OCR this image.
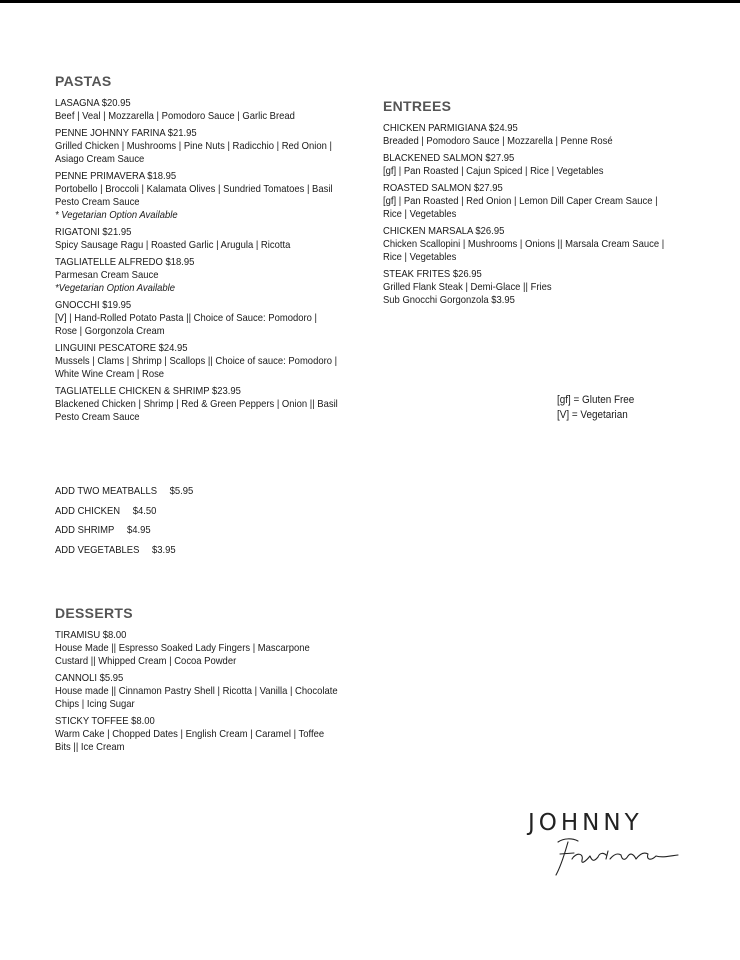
PASTAS
LASAGNA $20.95
Beef | Veal | Mozzarella | Pomodoro Sauce | Garlic Bread
PENNE JOHNNY FARINA $21.95
Grilled Chicken | Mushrooms | Pine Nuts | Radicchio | Red Onion |
Asiago Cream Sauce
PENNE PRIMAVERA $18.95
Portobello | Broccoli | Kalamata Olives | Sundried Tomatoes | Basil
Pesto Cream Sauce
* Vegetarian Option Available
RIGATONI $21.95
Spicy Sausage Ragu | Roasted Garlic | Arugula | Ricotta
TAGLIATELLE ALFREDO $18.95
Parmesan Cream Sauce
*Vegetarian Option Available
GNOCCHI $19.95
[V] | Hand-Rolled Potato Pasta || Choice of Sauce: Pomodoro |
Rose | Gorgonzola Cream
LINGUINI PESCATORE $24.95
Mussels | Clams | Shrimp | Scallops || Choice of sauce: Pomodoro |
White Wine Cream | Rose
TAGLIATELLE CHICKEN & SHRIMP $23.95
Blackened Chicken | Shrimp | Red & Green Peppers | Onion || Basil
Pesto Cream Sauce
ADD TWO MEATBALLS $5.95
ADD CHICKEN $4.50
ADD SHRIMP $4.95
ADD VEGETABLES $3.95
DESSERTS
TIRAMISU $8.00
House Made || Espresso Soaked Lady Fingers | Mascarpone
Custard || Whipped Cream | Cocoa Powder
CANNOLI $5.95
House made || Cinnamon Pastry Shell | Ricotta | Vanilla | Chocolate
Chips | Icing Sugar
STICKY TOFFEE $8.00
Warm Cake | Chopped Dates | English Cream | Caramel | Toffee
Bits || Ice Cream
ENTREES
CHICKEN PARMIGIANA $24.95
Breaded | Pomodoro Sauce | Mozzarella | Penne Rosé
BLACKENED SALMON $27.95
[gf] | Pan Roasted | Cajun Spiced | Rice | Vegetables
ROASTED SALMON $27.95
[gf] | Pan Roasted | Red Onion | Lemon Dill Caper Cream Sauce |
Rice | Vegetables
CHICKEN MARSALA $26.95
Chicken Scallopini | Mushrooms | Onions || Marsala Cream Sauce |
Rice | Vegetables
STEAK FRITES $26.95
Grilled Flank Steak | Demi-Glace || Fries
Sub Gnocchi Gorgonzola $3.95
[gf] = Gluten Free
[V] = Vegetarian
JOHNNY
